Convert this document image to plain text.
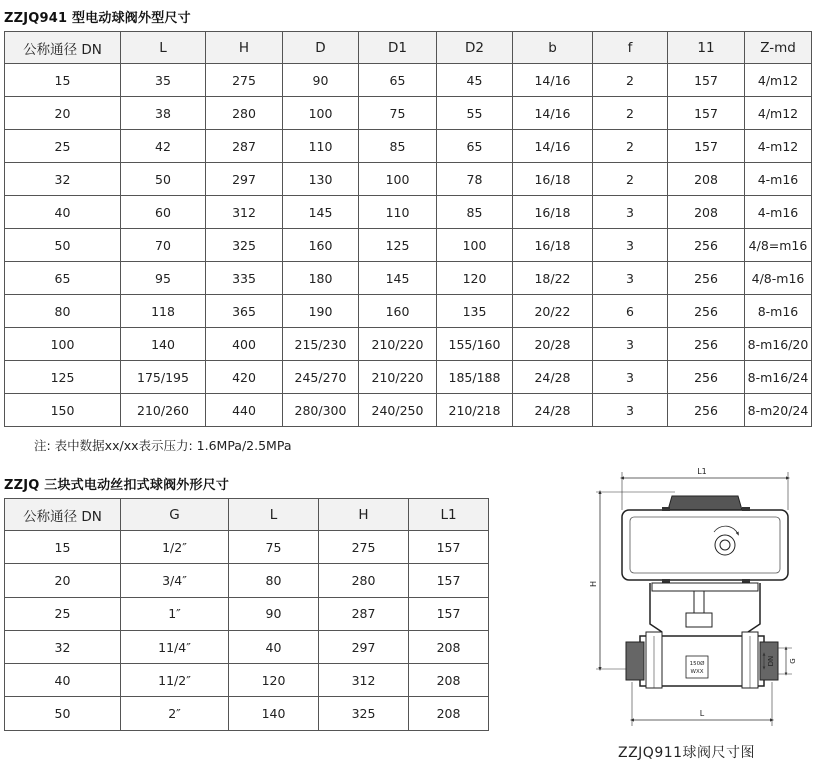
ZZJQ941 型电动球阀外型尺寸
公称通径 DN	L	H	D	D1	D2	b	f	11	Z-md
15	35	275	90	65	45	14/16	2	157	4/m12
20	38	280	100	75	55	14/16	2	157	4/m12
25	42	287	110	85	65	14/16	2	157	4-m12
32	50	297	130	100	78	16/18	2	208	4-m16
40	60	312	145	110	85	16/18	3	208	4-m16
50	70	325	160	125	100	16/18	3	256	4/8=m16
65	95	335	180	145	120	18/22	3	256	4/8-m16
80	118	365	190	160	135	20/22	6	256	8-m16
100	140	400	215/230	210/220	155/160	20/28	3	256	8-m16/20
125	175/195	420	245/270	210/220	185/188	24/28	3	256	8-m16/24
150	210/260	440	280/300	240/250	210/218	24/28	3	256	8-m20/24
注: 表中数据xx/xx表示压力: 1.6MPa/2.5MPa
ZZJQ 三块式电动丝扣式球阀外形尺寸
公称通径 DN	G	L	H	L1
15	1/2″	75	275	157
20	3/4″	80	280	157
25	1″	90	287	157
32	11/4″	40	297	208
40	11/2″	120	312	208
50	2″	140	325	208
L1
H
150Ø
WXX
DN G
L
ZZJQ911球阀尺寸图
